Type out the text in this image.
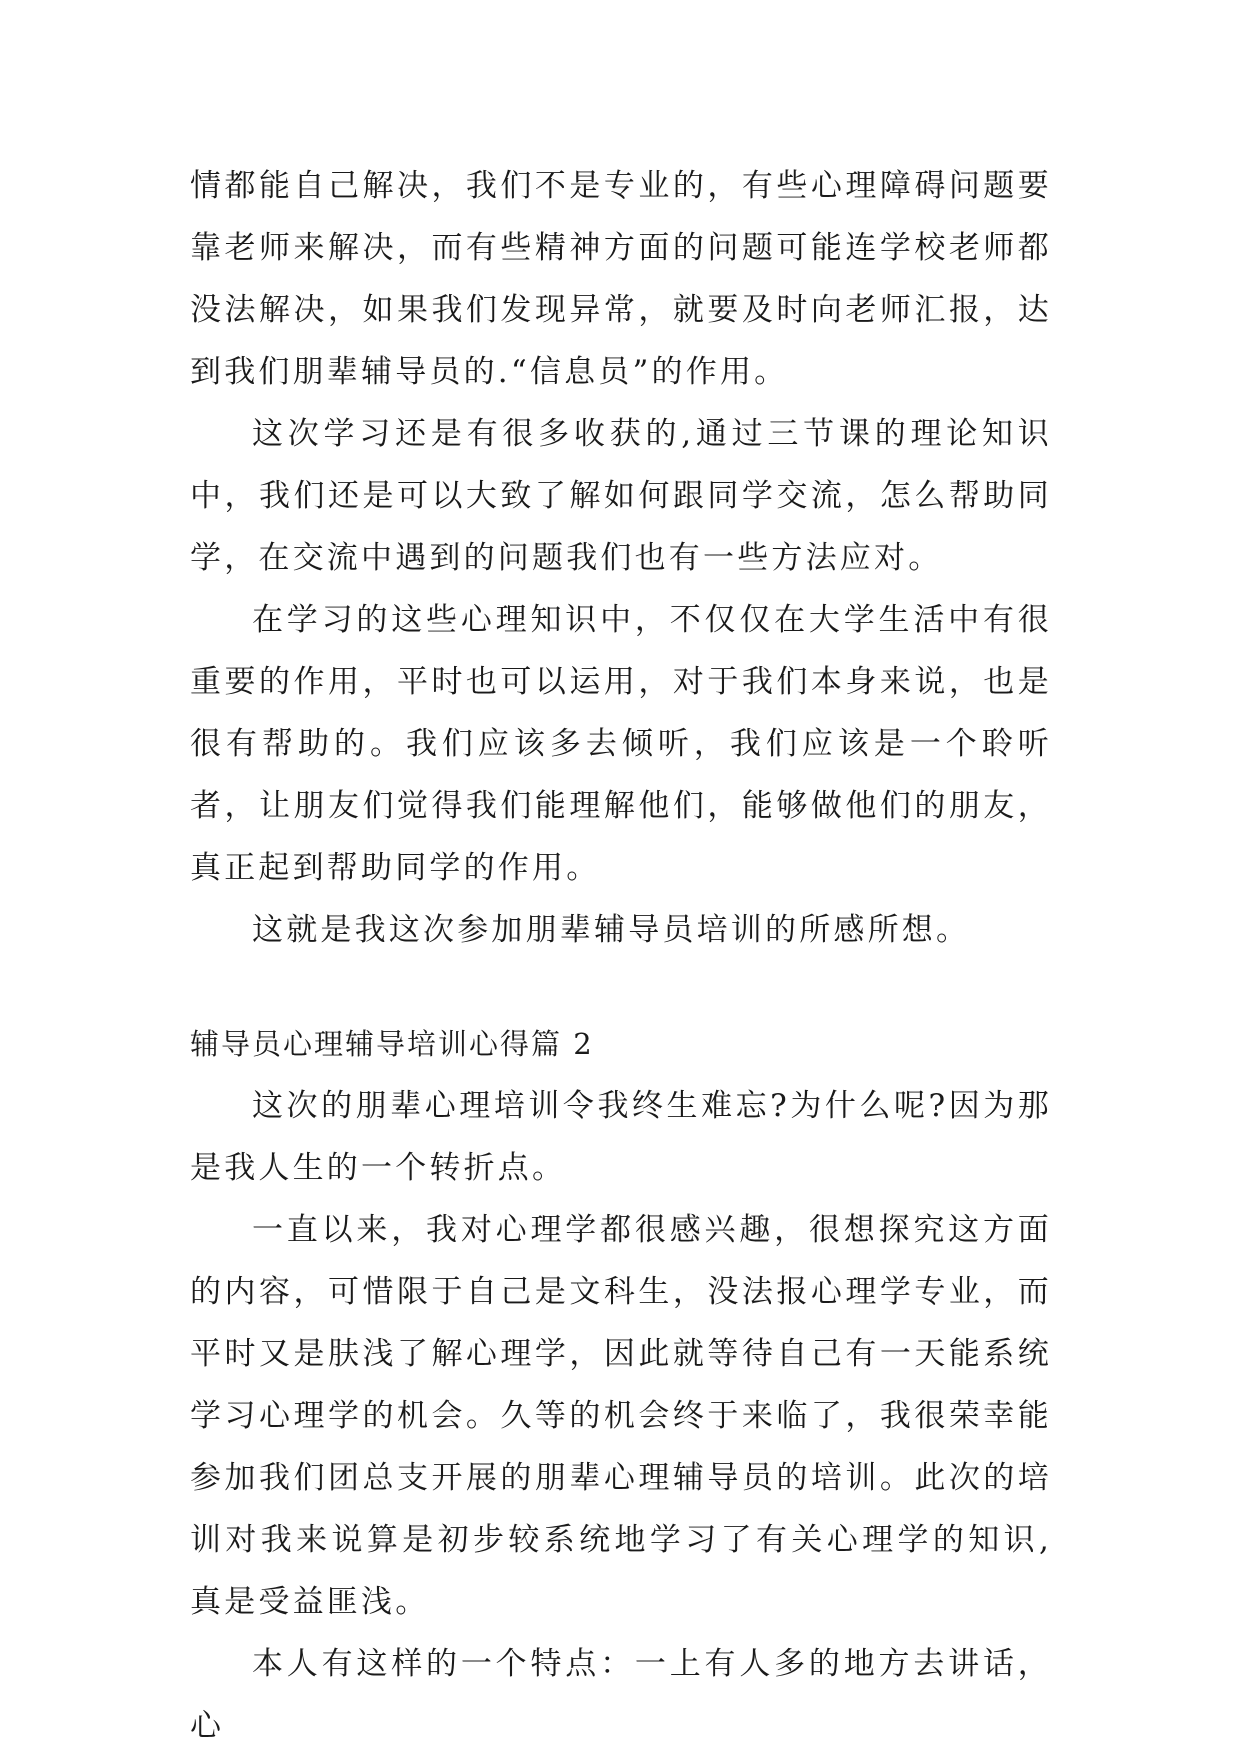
情都能自己解决，我们不是专业的，有些心理障碍问题要靠老师来解决，而有些精神方面的问题可能连学校老师都没法解决，如果我们发现异常，就要及时向老师汇报，达到我们朋辈辅导员的.“信息员”的作用。

这次学习还是有很多收获的,通过三节课的理论知识中，我们还是可以大致了解如何跟同学交流，怎么帮助同学，在交流中遇到的问题我们也有一些方法应对。

在学习的这些心理知识中，不仅仅在大学生活中有很重要的作用，平时也可以运用，对于我们本身来说，也是很有帮助的。我们应该多去倾听，我们应该是一个聆听者，让朋友们觉得我们能理解他们，能够做他们的朋友，真正起到帮助同学的作用。

这就是我这次参加朋辈辅导员培训的所感所想。

辅导员心理辅导培训心得篇 2

这次的朋辈心理培训令我终生难忘?为什么呢?因为那是我人生的一个转折点。

一直以来，我对心理学都很感兴趣，很想探究这方面的内容，可惜限于自己是文科生，没法报心理学专业，而平时又是肤浅了解心理学，因此就等待自己有一天能系统学习心理学的机会。久等的机会终于来临了，我很荣幸能参加我们团总支开展的朋辈心理辅导员的培训。此次的培训对我来说算是初步较系统地学习了有关心理学的知识,真是受益匪浅。

本人有这样的一个特点：一上有人多的地方去讲话，心
